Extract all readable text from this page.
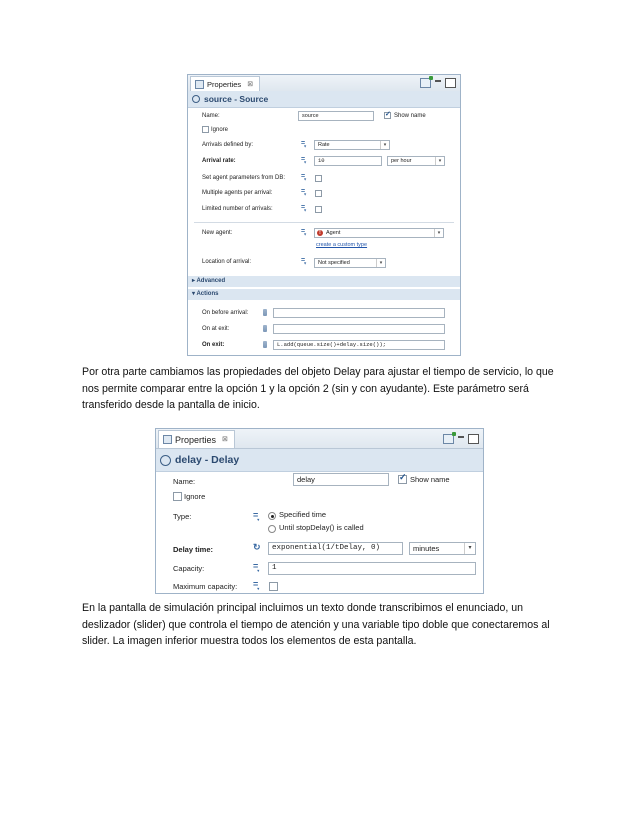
Properties ⊠
source - Source
Name:	source ✓	Show name
Ignore
Arrivals defined by:	$=_▾$	Rate	▾
Arrival rate:	$=_▾$	10	per hour	▾
Set agent parameters from DB: $=_▾$
Multiple agents per arrival:	$=_▾$
Limited number of arrivals:	$=_▾$
New agent:	$=_▾$	! Agent	▾
create a custom type
Location of arrival:	$=_▾$	Not specified	▾
▸ Advanced
▾ Actions
On before arrival:
On at exit:
On exit:	L.add(queue.size()+delay.size());
Por otra parte cambiamos las propiedades del objeto Delay para ajustar el tiempo de servicio, lo que nos permite comparar entre la opción 1 y la opción 2 (sin y con ayudante). Este parámetro será transferido desde la pantalla de inicio.
Properties ⊠
delay - Delay
Name:	delay ✓	Show name
Ignore
Type:	$=_▾$
Specified time
Until stopDelay() is called
Delay time:	↻	exponential(1/tDelay, 0)	minutes	▾
Capacity:	$=_▾$	1
Maximum capacity: $=_▾$
En la pantalla de simulación principal incluimos un texto donde transcribimos el enunciado, un deslizador (slider) que controla el tiempo de atención y una variable tipo doble que conectaremos al slider. La imagen inferior muestra todos los elementos de esta pantalla.
